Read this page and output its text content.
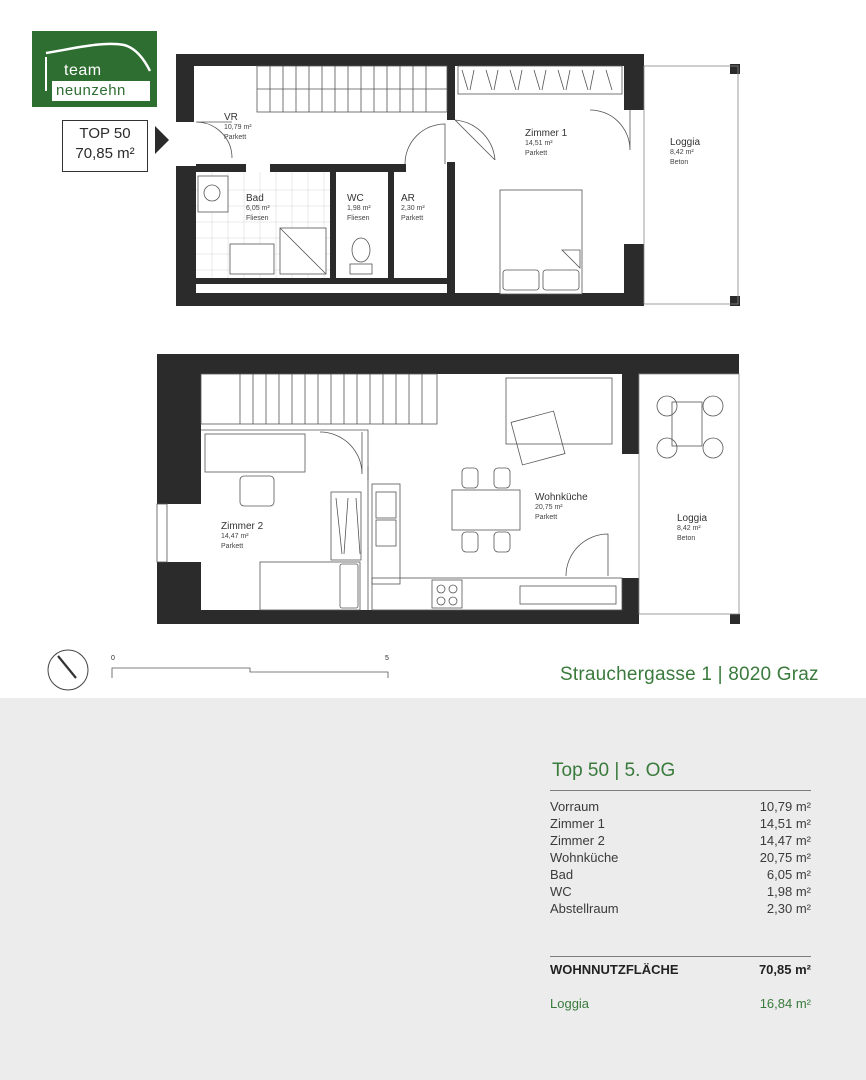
team
neunzehn
TOP 50
70,85 m²
VR
10,79 m²
Parkett
Bad
6,05 m²
Fliesen
WC
1,98 m²
Fliesen
AR
2,30 m²
Parkett
Zimmer 1
14,51 m²
Parkett
Loggia
8,42 m²
Beton
Zimmer 2
14,47 m²
Parkett
Wohnküche
20,75 m²
Parkett	Loggia
8,42 m²
Beton
0	5
Strauchergasse 1 | 8020 Graz
Top 50 | 5. OG
Vorraum	10,79 m²
Zimmer 1	14,51 m²
Zimmer 2	14,47 m²
Wohnküche	20,75 m²
Bad	6,05 m²
WC	1,98 m²
Abstellraum	2,30 m²
WOHNNUTZFLÄCHE	70,85 m²
Loggia	16,84 m²
